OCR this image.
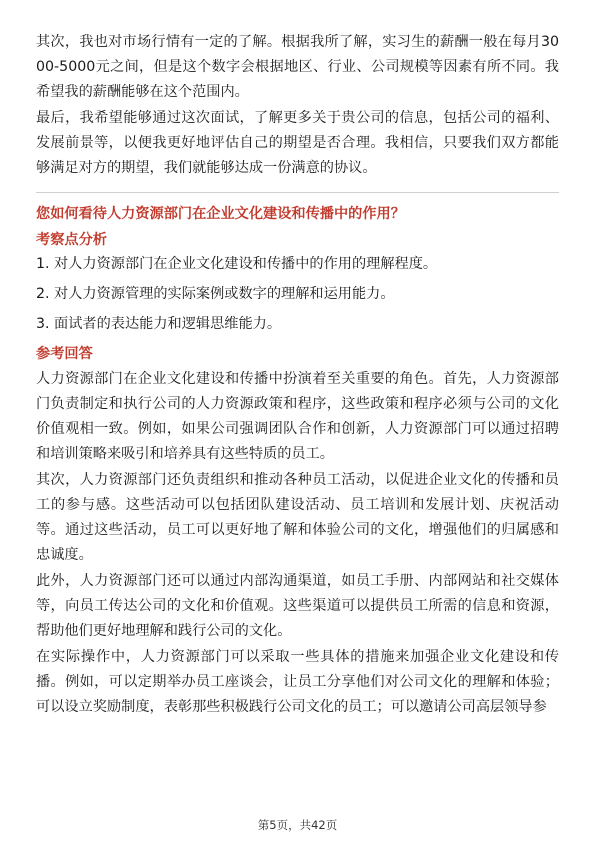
其次，我也对市场行情有一定的了解。根据我所了解，实习生的薪酬一般在每月3000-5000元之间，但是这个数字会根据地区、行业、公司规模等因素有所不同。我希望我的薪酬能够在这个范围内。

最后，我希望能够通过这次面试，了解更多关于贵公司的信息，包括公司的福利、发展前景等，以便我更好地评估自己的期望是否合理。我相信，只要我们双方都能够满足对方的期望，我们就能够达成一份满意的协议。

您如何看待人力资源部门在企业文化建设和传播中的作用？
考察点分析
1. 对人力资源部门在企业文化建设和传播中的作用的理解程度。
2. 对人力资源管理的实际案例或数字的理解和运用能力。
3. 面试者的表达能力和逻辑思维能力。
参考回答

人力资源部门在企业文化建设和传播中扮演着至关重要的角色。首先，人力资源部门负责制定和执行公司的人力资源政策和程序，这些政策和程序必须与公司的文化价值观相一致。例如，如果公司强调团队合作和创新，人力资源部门可以通过招聘和培训策略来吸引和培养具有这些特质的员工。

其次，人力资源部门还负责组织和推动各种员工活动，以促进企业文化的传播和员工的参与感。这些活动可以包括团队建设活动、员工培训和发展计划、庆祝活动等。通过这些活动，员工可以更好地了解和体验公司的文化，增强他们的归属感和忠诚度。

此外，人力资源部门还可以通过内部沟通渠道，如员工手册、内部网站和社交媒体等，向员工传达公司的文化和价值观。这些渠道可以提供员工所需的信息和资源，帮助他们更好地理解和践行公司的文化。

在实际操作中，人力资源部门可以采取一些具体的措施来加强企业文化建设和传播。例如，可以定期举办员工座谈会，让员工分享他们对公司文化的理解和体验；可以设立奖励制度，表彰那些积极践行公司文化的员工；可以邀请公司高层领导参

第5页，共42页
